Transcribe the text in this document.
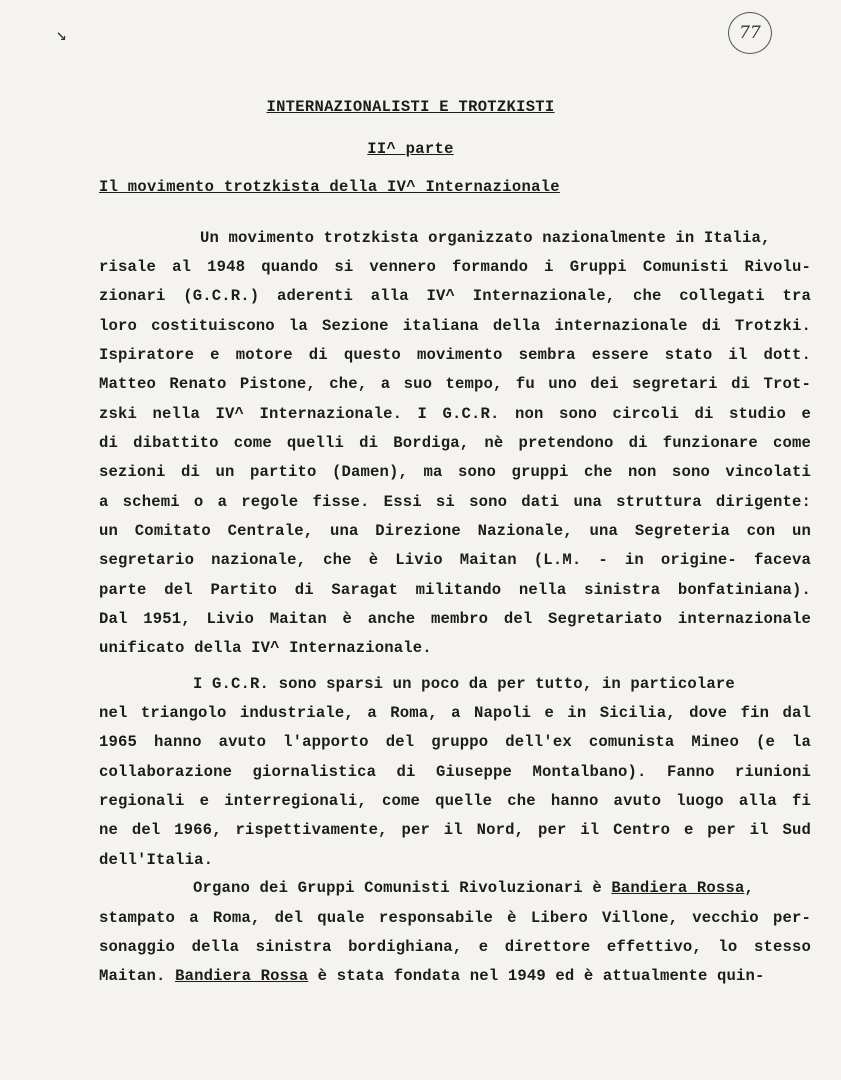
↘	77
INTERNAZIONALISTI E TROTZKISTI
II^ parte
Il movimento trotzkista della IV^ Internazionale
Un movimento trotzkista organizzato nazionalmente in Italia,
risale al 1948 quando si vennero formando i Gruppi Comunisti Rivolu-
zionari (G.C.R.) aderenti alla IV^ Internazionale, che collegati tra
loro costituiscono la Sezione italiana della internazionale di Trotzki.
Ispiratore e motore di questo movimento sembra essere stato il dott.
Matteo Renato Pistone, che, a suo tempo, fu uno dei segretari di Trot-
zski nella IV^ Internazionale. I G.C.R. non sono circoli di studio e
di dibattito come quelli di Bordiga, nè pretendono di funzionare come
sezioni di un partito (Damen), ma sono gruppi che non sono vincolati
a schemi o a regole fisse. Essi si sono dati una struttura dirigente:
un Comitato Centrale, una Direzione Nazionale, una Segreteria con un
segretario nazionale, che è Livio Maitan (L.M. - in origine- faceva
parte del Partito di Saragat militando nella sinistra bonfatiniana).
Dal 1951, Livio Maitan è anche membro del Segretariato internazionale
unificato della IV^ Internazionale.
I G.C.R. sono sparsi un poco da per tutto, in particolare
nel triangolo industriale, a Roma, a Napoli e in Sicilia, dove fin dal
1965 hanno avuto l'apporto del gruppo dell'ex comunista Mineo (e la
collaborazione giornalistica di Giuseppe Montalbano). Fanno riunioni
regionali e interregionali, come quelle che hanno avuto luogo alla fi
ne del 1966, rispettivamente, per il Nord, per il Centro e per il Sud
dell'Italia.
Organo dei Gruppi Comunisti Rivoluzionari è Bandiera Rossa,
stampato a Roma, del quale responsabile è Libero Villone, vecchio per-
sonaggio della sinistra bordighiana, e direttore effettivo, lo stesso
Maitan. Bandiera Rossa è stata fondata nel 1949 ed è attualmente quin-
